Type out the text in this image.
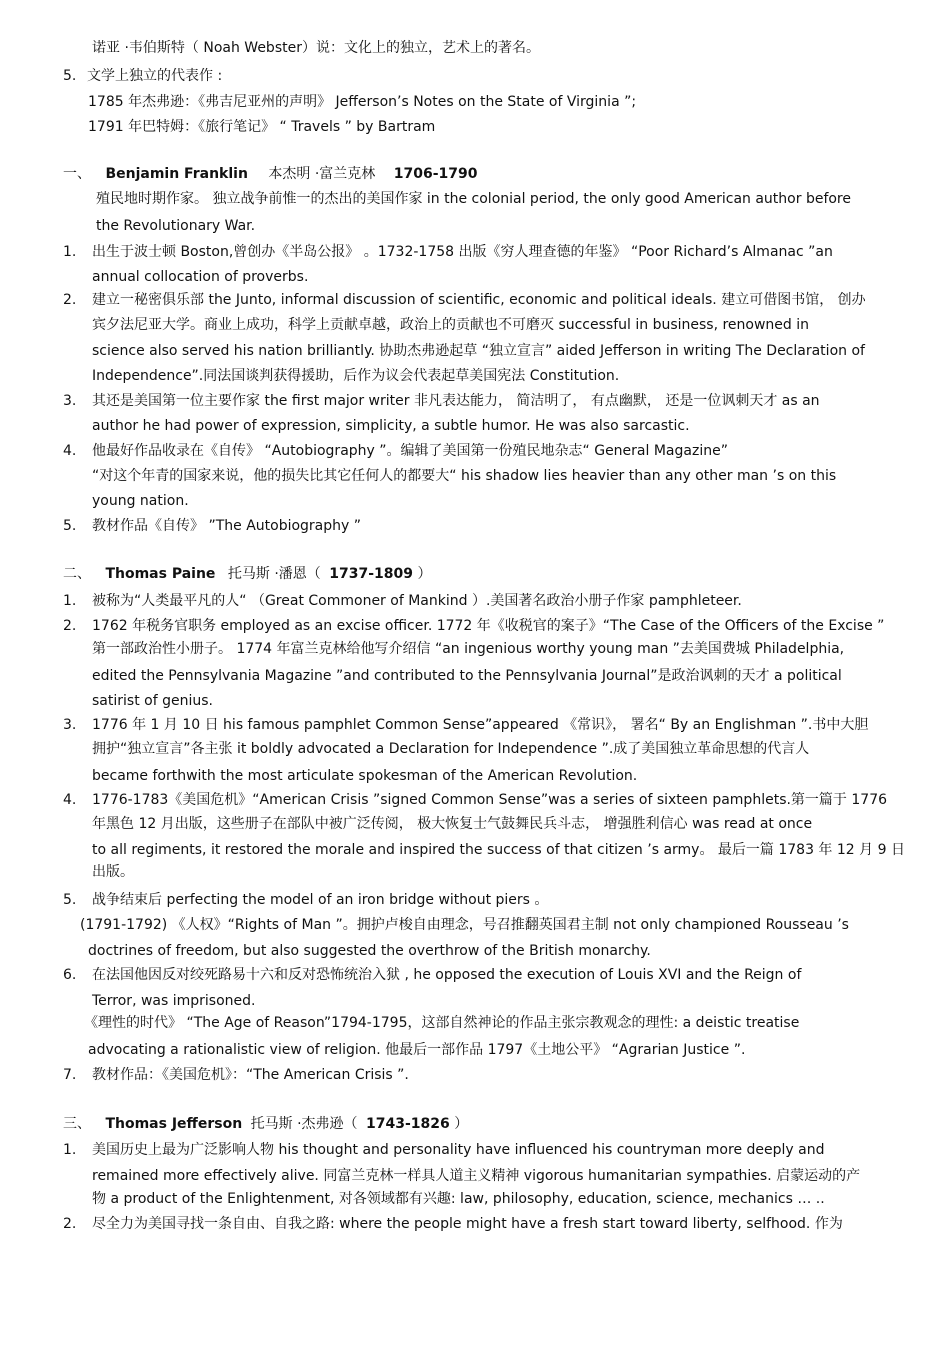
诺亚 ·韦伯斯特（ Noah Webster）说：文化上的独立，艺术上的著名。
5. 文学上独立的代表作 :
1785 年杰弗逊：《弗吉尼亚州的声明》 Jefferson’s Notes on the State of Virginia ”;
1791 年巴特姆：《旅行笔记》 “ Travels ” by Bartram
一、 Benjamin Franklin 本杰明 ·富兰克林 1706-1790
殖民地时期作家。 独立战争前惟一的杰出的美国作家 in the colonial period, the only good American author before
the Revolutionary War.
1. 出生于波士顿 Boston,曾创办《半岛公报》 。1732-1758 出版《穷人理查德的年鉴》 “Poor Richard’s Almanac ”an
annual collocation of proverbs.
2. 建立一秘密俱乐部 the Junto, informal discussion of scientific, economic and political ideals. 建立可借图书馆， 创办
宾夕法尼亚大学。商业上成功，科学上贡献卓越，政治上的贡献也不可磨灭 successful in business, renowned in
science also served his nation brilliantly. 协助杰弗逊起草 “独立宣言” aided Jefferson in writing The Declaration of
Independence”.同法国谈判获得援助，后作为议会代表起草美国宪法 Constitution.
3. 其还是美国第一位主要作家 the first major writer 非凡表达能力， 简洁明了， 有点幽默， 还是一位讽刺天才 as an
author he had power of expression, simplicity, a subtle humor. He was also sarcastic.
4. 他最好作品收录在《自传》 “Autobiography ”。编辑了美国第一份殖民地杂志“ General Magazine”
“对这个年青的国家来说，他的损失比其它任何人的都要大“ his shadow lies heavier than any other man ’s on this
young nation.
5. 教材作品《自传》 ”The Autobiography ”
二、 Thomas Paine 托马斯 ·潘恩（ 1737-1809 ）
1. 被称为“人类最平凡的人“ （Great Commoner of Mankind ）.美国著名政治小册子作家 pamphleteer.
2. 1762 年税务官职务 employed as an excise officer. 1772 年《收税官的案子》“The Case of the Officers of the Excise ”
第一部政治性小册子。 1774 年富兰克林给他写介绍信 “an ingenious worthy young man ”去美国费城 Philadelphia,
edited the Pennsylvania Magazine ”and contributed to the Pennsylvania Journal”是政治讽刺的天才 a political
satirist of genius.
3. 1776 年 1 月 10 日 his famous pamphlet Common Sense”appeared 《常识》， 署名“ By an Englishman ”.书中大胆
拥护“独立宣言”各主张 it boldly advocated a Declaration for Independence ”.成了美国独立革命思想的代言人
became forthwith the most articulate spokesman of the American Revolution.
4. 1776-1783《美国危机》“American Crisis ”signed Common Sense”was a series of sixteen pamphlets.第一篇于 1776
年黑色 12 月出版，这些册子在部队中被广泛传阅， 极大恢复士气鼓舞民兵斗志， 增强胜利信心 was read at once
to all regiments, it restored the morale and inspired the success of that citizen ’s army。 最后一篇 1783 年 12 月 9 日
出版。
5. 战争结束后 perfecting the model of an iron bridge without piers 。
(1791-1792) 《人权》“Rights of Man ”。拥护卢梭自由理念，号召推翻英国君主制 not only championed Rousseau ’s
doctrines of freedom, but also suggested the overthrow of the British monarchy.
6. 在法国他因反对绞死路易十六和反对恐怖统治入狱 , he opposed the execution of Louis XVI and the Reign of
Terror, was imprisoned.
《理性的时代》 “The Age of Reason”1794-1795，这部自然神论的作品主张宗教观念的理性: a deistic treatise
advocating a rationalistic view of religion. 他最后一部作品 1797《土地公平》 “Agrarian Justice ”.
7. 教材作品：《美国危机》：“The American Crisis ”.
三、 Thomas Jefferson 托马斯 ·杰弗逊（ 1743-1826 ）
1. 美国历史上最为广泛影响人物 his thought and personality have influenced his countryman more deeply and
remained more effectively alive. 同富兰克林一样具人道主义精神 vigorous humanitarian sympathies. 启蒙运动的产
物 a product of the Enlightenment, 对各领域都有兴趣: law, philosophy, education, science, mechanics … ..
2. 尽全力为美国寻找一条自由、自我之路: where the people might have a fresh start toward liberty, selfhood. 作为
